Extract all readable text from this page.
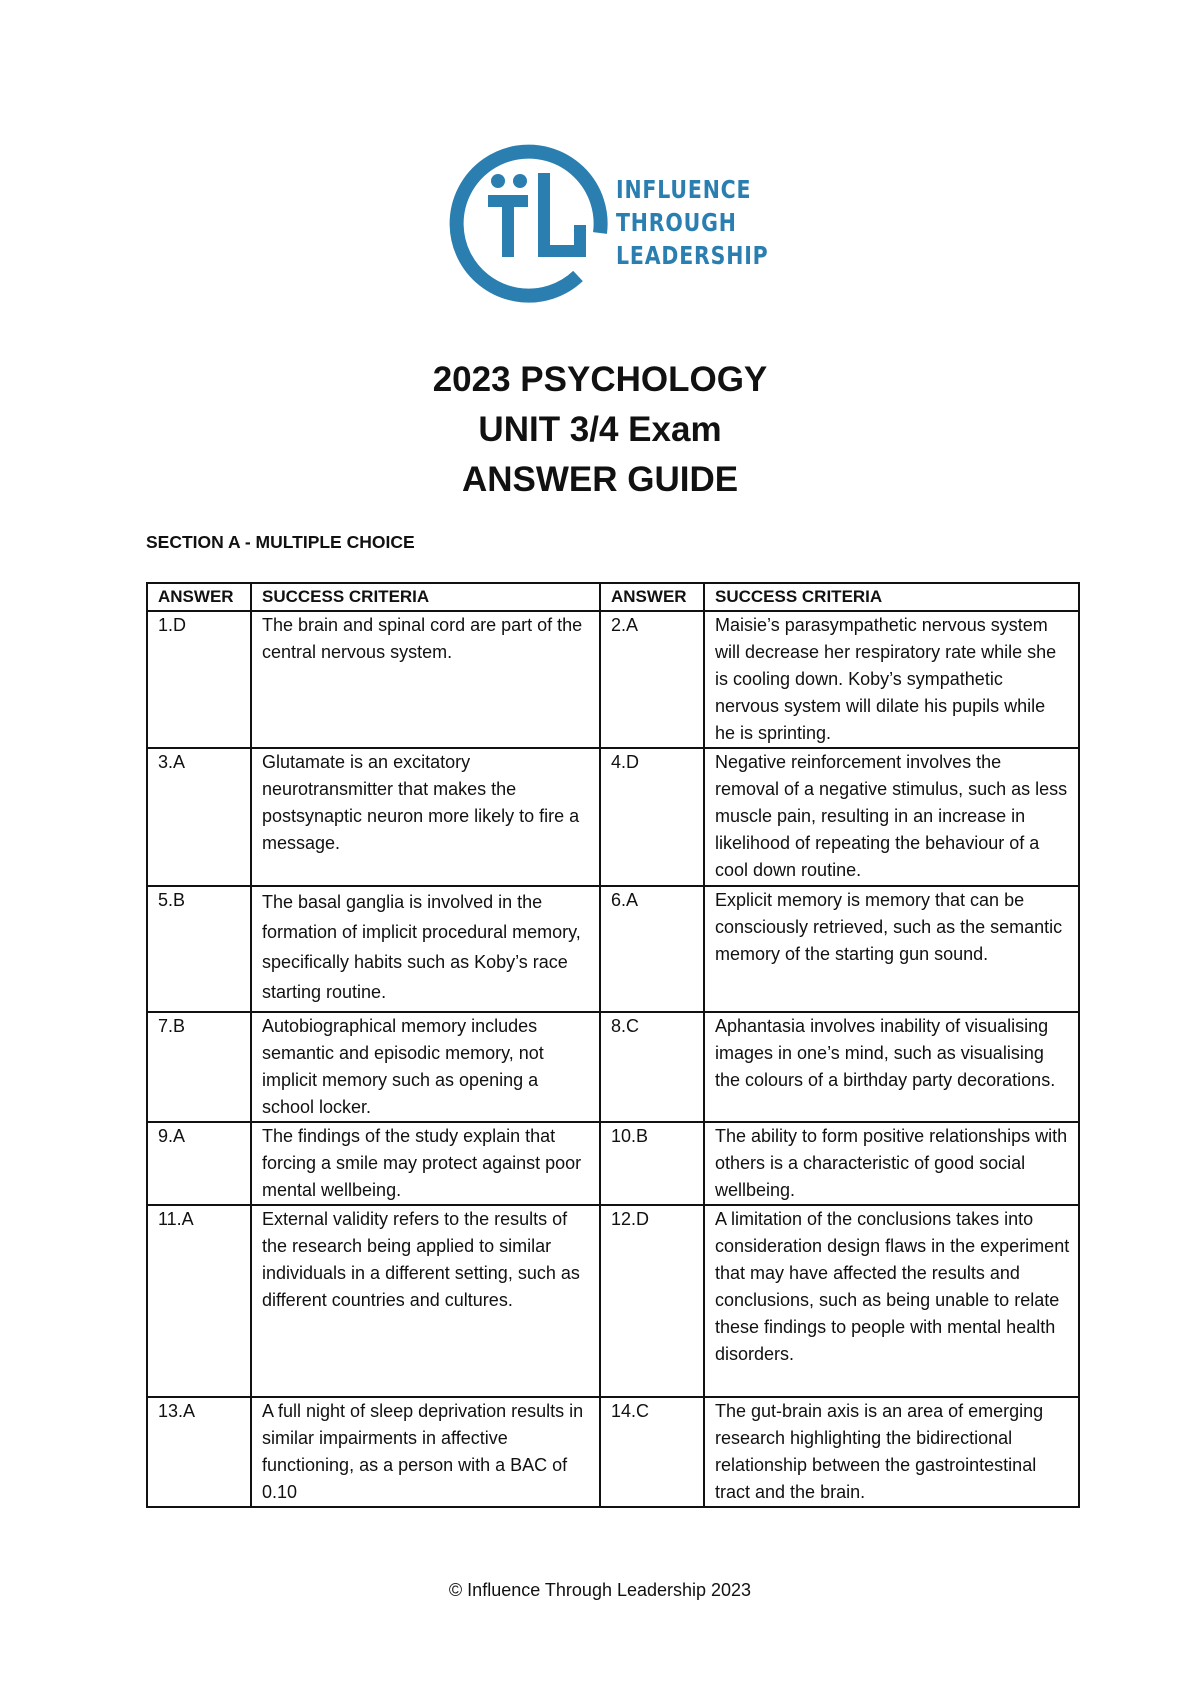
INFLUENCE
THROUGH
LEADERSHIP
2023 PSYCHOLOGY
UNIT 3/4 Exam
ANSWER GUIDE
SECTION A - MULTIPLE CHOICE
ANSWER	SUCCESS CRITERIA	ANSWER	SUCCESS CRITERIA
1.D	The brain and spinal cord are part of the central nervous system.	2.A	Maisie’s parasympathetic nervous system will decrease her respiratory rate while she is cooling down. Koby’s sympathetic nervous system will dilate his pupils while he is sprinting.
3.A	Glutamate is an excitatory neurotransmitter that makes the postsynaptic neuron more likely to fire a message.	4.D	Negative reinforcement involves the removal of a negative stimulus, such as less muscle pain, resulting in an increase in likelihood of repeating the behaviour of a cool down routine.
5.B	The basal ganglia is involved in the formation of implicit procedural memory, specifically habits such as Koby’s race starting routine.	6.A	Explicit memory is memory that can be consciously retrieved, such as the semantic memory of the starting gun sound.
7.B	Autobiographical memory includes semantic and episodic memory, not implicit memory such as opening a school locker.	8.C	Aphantasia involves inability of visualising images in one’s mind, such as visualising the colours of a birthday party decorations.
9.A	The findings of the study explain that forcing a smile may protect against poor mental wellbeing.	10.B	The ability to form positive relationships with others is a characteristic of good social wellbeing.
11.A	External validity refers to the results of the research being applied to similar individuals in a different setting, such as different countries and cultures.	12.D	A limitation of the conclusions takes into consideration design flaws in the experiment that may have affected the results and conclusions, such as being unable to relate these findings to people with mental health disorders.
13.A	A full night of sleep deprivation results in similar impairments in affective functioning, as a person with a BAC of 0.10	14.C	The gut-brain axis is an area of emerging research highlighting the bidirectional relationship between the gastrointestinal tract and the brain.
© Influence Through Leadership 2023
